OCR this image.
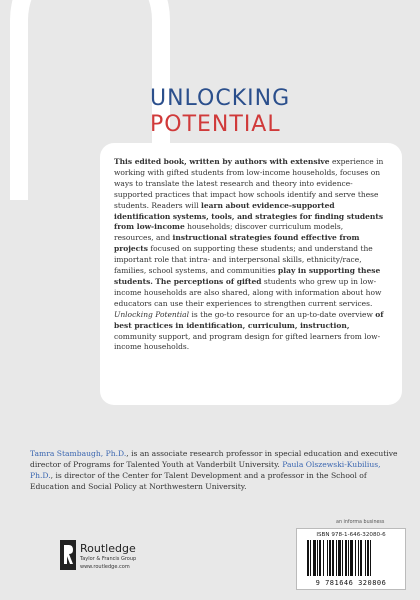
UNLOCKING
POTENTIAL
This edited book, written by authors with extensive experience in working with gifted students from low-income households, focuses on ways to translate the latest research and theory into evidence-supported practices that impact how schools identify and serve these students. Readers will learn about evidence-supported identification systems, tools, and strategies for finding students from low-income households; discover curriculum models, resources, and instructional strategies found effective from projects focused on supporting these students; and understand the important role that intra- and interpersonal skills, ethnicity/race, families, school systems, and communities play in supporting these students. The perceptions of gifted students who grew up in low-income households are also shared, along with information about how educators can use their experiences to strengthen current services. Unlocking Potential is the go-to resource for an up-to-date overview of best practices in identification, curriculum, instruction, community support, and program design for gifted learners from low-income households.
Tamra Stambaugh, Ph.D., is an associate research professor in special education and executive director of Programs for Talented Youth at Vanderbilt University. Paula Olszewski-Kubilius, Ph.D., is director of the Center for Talent Development and a professor in the School of Education and Social Policy at Northwestern University.
an informa business
ISBN 978-1-646-32080-6
9 781646 320806
Routledge
Taylor & Francis Group
www.routledge.com
